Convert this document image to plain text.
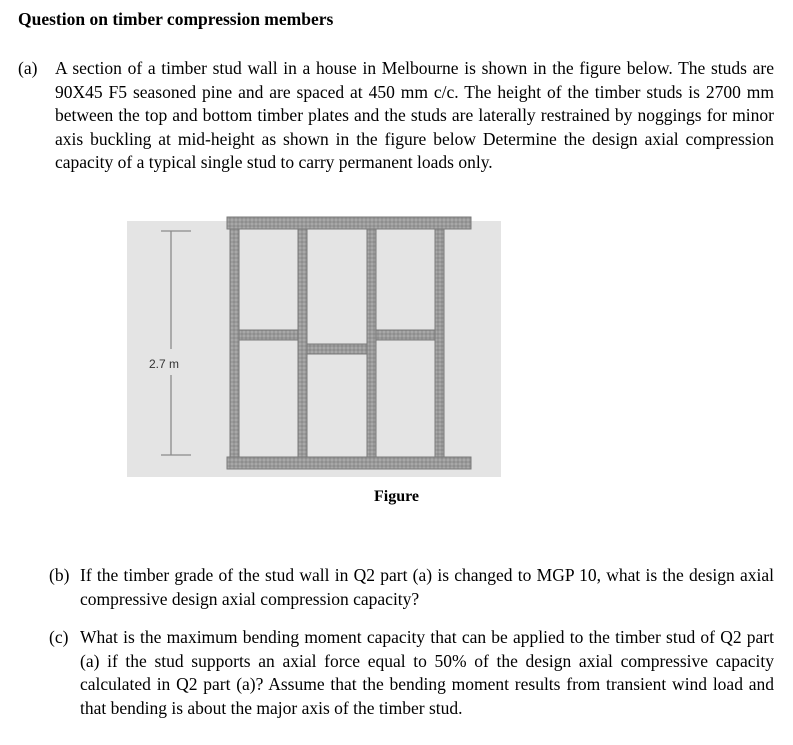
Question on timber compression members
(a) A section of a timber stud wall in a house in Melbourne is shown in the figure below. The studs are 90X45 F5 seasoned pine and are spaced at 450 mm c/c. The height of the timber studs is 2700 mm between the top and bottom timber plates and the studs are laterally restrained by noggings for minor axis buckling at mid-height as shown in the figure below Determine the design axial compression capacity of a typical single stud to carry permanent loads only.
2.7 m
Figure
(b) If the timber grade of the stud wall in Q2 part (a) is changed to MGP 10, what is the design axial compressive design axial compression capacity?
(c) What is the maximum bending moment capacity that can be applied to the timber stud of Q2 part (a) if the stud supports an axial force equal to 50% of the design axial compressive capacity calculated in Q2 part (a)? Assume that the bending moment results from transient wind load and that bending is about the major axis of the timber stud.
